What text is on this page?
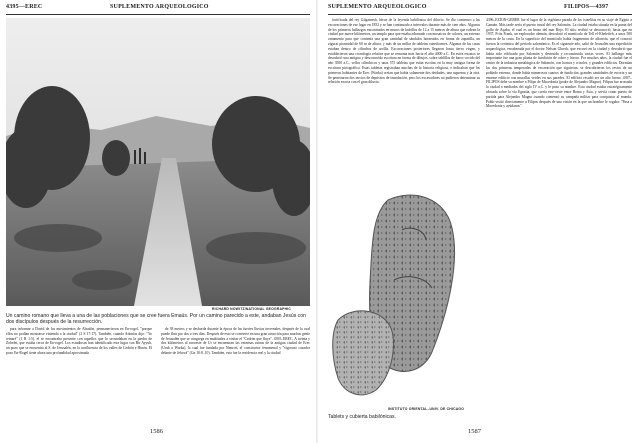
4395—EREC	SUPLEMENTO ARQUEOLOGICO
RICHARD NOWITZ/NATIONAL GEOGRAPHIC
Un camino romano que lleva a una de las poblaciones que se cree fuera Emaús. Por un camino parecido a este, andaban Jesús con dos discípulos después de la resurrección.

para informar a David de los movimientos de Absalón, permanecieron en En-rogel, "porque ellos no podían mostrarse viniendo a la ciudad" (2 S 17:17). También, cuando Adonías dijo: "Yo reinaré" (1 R 1:5), el se encontraba presente con aquellos que lo secundaban en la piedra de Zohelet, que estaba cerca de En-rogel. Los estudiosos han identificado este lugar con Bir Ayyub, un pozo que se encuentra al S. de Jerusalén, en la confluencia de los valles de Cedrón e Hinón. El pozo En-Rogel tiene ahora una profundidad aproximada

de 38 metros y se desborda durante la época de las fuertes lluvias invernales, después de la cual puede fluir por dos o tres días. Después de esto se convierte en una gran atracción para muchas gente de Jerusalén que se congrega en multitudes a visitar el "Cedrón que fluye". 4395–EREC. A treinta y dos kilómetros al noroeste de Ur se encuentran las extensas ruinas de la antigua ciudad de Erec (Uruk o Warka), la cual fue fundada por Nimrod, el constructor fenomenal y "vigoroso cazador delante de Jehová" (Gn 10:8–10). También, esta fue la residencia real y la ciudad

1586
SUPLEMENTO ARQUEOLOGICO	FILIPOS—4397

fortificada del rey Gilgamesh, héroe de la leyenda babilónica del diluvio. Se dio comienzo a las excavaciones de ese lugar en 1852 y se han continuado a intervalos durante más de cien años. Algunos de los primeros hallazgos encontrados en muros de ladrillos de 12 a 15 metros de altura que rodean la ciudad por nueve kilómetros, un templo para que estaba adornado con mosaicos de colores, un extenso ornamento para que contenía una gran cantidad de sándalos horneados en forma de zapatilla, un zigurat piramidal de 60 m de altura, y más de un millar de tabletas cuneiformes. Algunas de las casas estaban dentro de cilindros de arcilla. Excavaciones posteriores llegaron hasta tierra virgen, y establecieron una cronología relativa que se remonta más hacia el año 4000 a.C. En estos estratos se descubrió una antigua y desconocida escritura en forma de dibujos, sobre tablillas de barro cocido del año 3500 a.C., sellos cilíndricos y unas 575 tabletas que están escritas en la muy antigua forma de escritura pictográfica. Estas tabletas registraban muchas de la historia religiosa, e indicaban que los primeros habitantes de Erec (Warka) creían que había solamente dos deidades, una suprema y la otra. Se penetraron dos tercios de depósitos de inundación, pero los excavadores no pudieron determinar su relación exacta con el gran diluvio.

INSTITUTO ORIENTAL–UNIV. DE CHICAGO
Tablets y cubierta babilónicas.

4396–EZION-GEBER fue el lugar de la vigésima parada de los israelitas en su viaje de Egipto a Canaán. Más tarde sería el puerto naval del rey Salomón. La ciudad estaba situada en la punta del golfo de Aqaba, el cual es un brazo del mar Rojo. El sitio recibió se desconoció, hasta que en 1937, Fritz Frank, un explorador alemán, descubrió el montículo de Tell el-Kheleifeh, a unos 500 metros de la costa. En la superficie del montículo había fragmentos de alfarería, que el conoció fueron la cerámica del período salomónico. Es el siguiente año, salió de Jerusalén una expedición arqueológica, encabezada por el doctor Nelson Glueck, que excavó en la ciudad y descubrió que había sido edificada por Salomón y destruida y reconstruida varias veces. El hallazgo más importante fue una gran planta de fundición de cobre y hierro. Por muchos años, la ciudad fue el centro de la industria metalúrgica de Salomón, con hornos y crisoles, y grandes edificios. Dormían las dos primeras temporadas de excavación que siguieron, se descubrieron los restos de un poblado extenso, donde había numerosos cuartos de fundición, grandes cantidades de escoria y un enorme edificio con murallas verdes en sus paredes. El edificio resultó ser un alto horno. 4397–FILIPOS debe su nombre a Filipo de Macedonia (padre de Alejandro Magno). Filipos fue arrasada la ciudad a mediados del siglo IV a.C. y le puso su nombre. Esta ciudad estaba estratégicamente ubicada sobre la vía Egnatia, que corría este-oeste entre Roma y Asia, y servía como puerto de partida para Alejandro Magno cuando comenzó su campaña militar para conquistar al mundo. Pablo visitó directamente a Filipos después de una visión en la que un hombre le rogaba: "Pasa a Macedonia y ayúdanos".

1587
